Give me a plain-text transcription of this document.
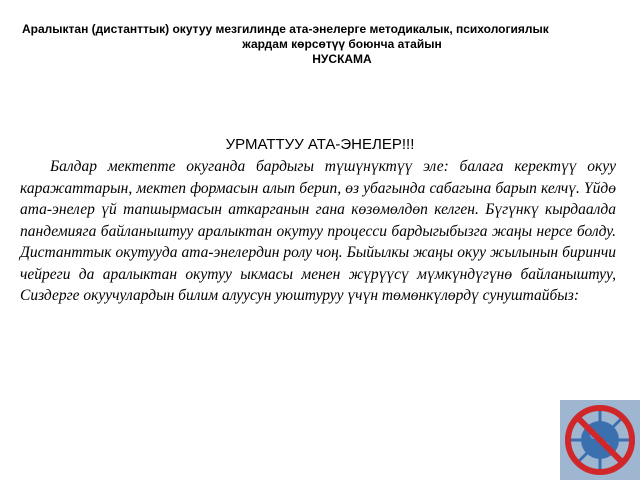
Аралыктан (дистанттык) окутуу мезгилинде ата-энелерге методикалык, психологиялык
жардам көрсөтүү боюнча атайын
НУСКАМА
УРМАТТУУ АТА-ЭНЕЛЕР!!!
Балдар мектепте окуганда бардыгы түшүнүктүү эле: балага керектүү окуу каражаттарын, мектеп формасын алып берип, өз убагында сабагына барып келчү. Үйдө ата-энелер үй тапшырмасын аткарганын гана көзөмөлдөп келген. Бүгүнкү кырдаалда пандемияга байланыштуу аралыктан окутуу процесси бардыгыбызга жаңы нерсе болду. Дистанттык окутууда ата-энелердин ролу чоң. Быйылкы жаңы окуу жылынын биринчи чейреги да аралыктан окутуу ыкмасы менен жүрүүсү мүмкүндүгүнө байланыштуу, Сиздерге окуучулардын билим алуусун уюштуруу үчүн төмөнкүлөрдү сунуштайбыз:
